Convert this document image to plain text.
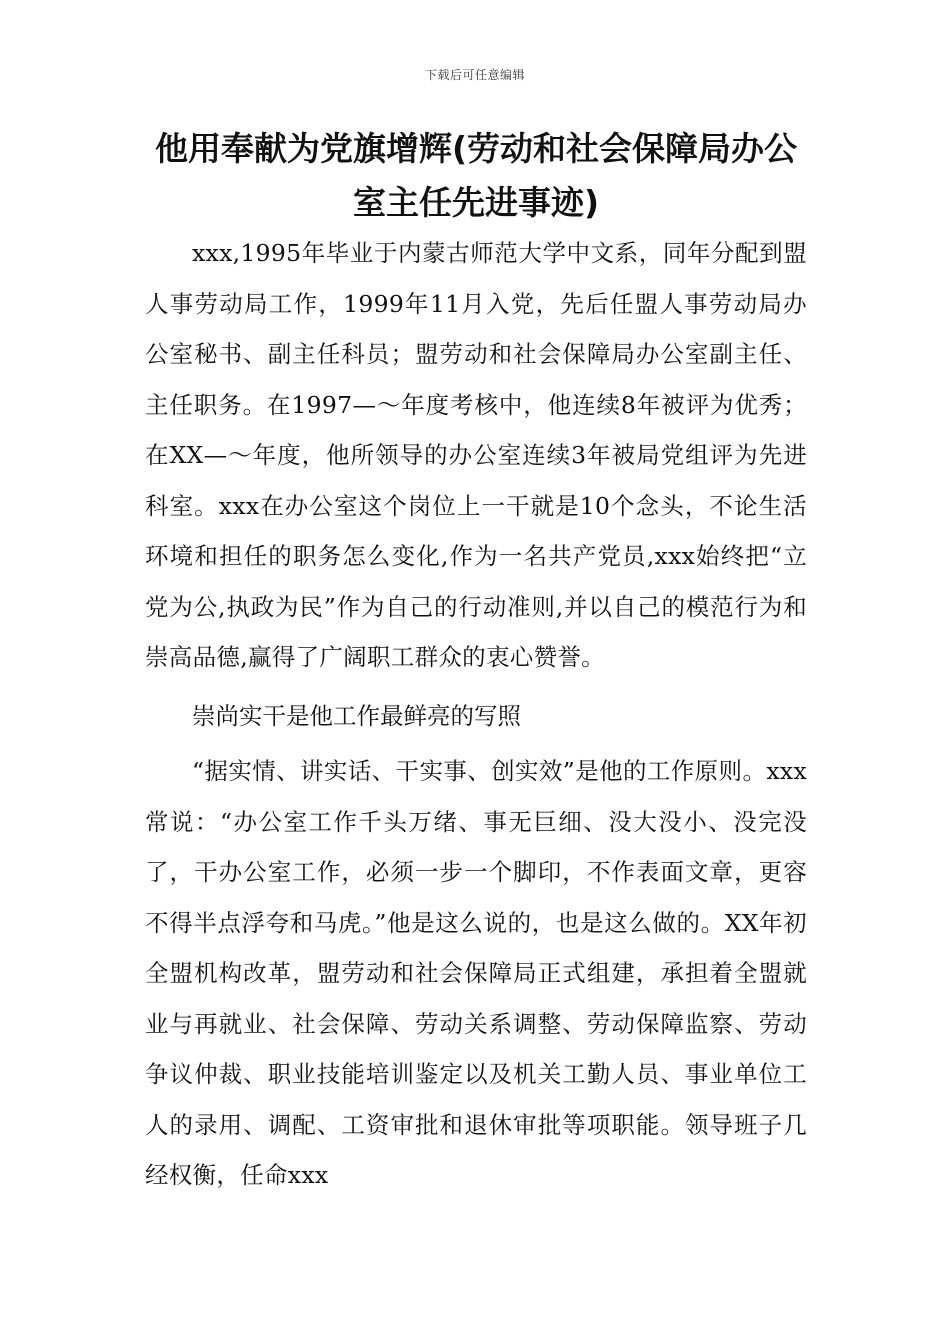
下载后可任意编辑
他用奉献为党旗增辉(劳动和社会保障局办公室主任先进事迹)

xxx,1995年毕业于内蒙古师范大学中文系，同年分配到盟人事劳动局工作，1999年11月入党，先后任盟人事劳动局办公室秘书、副主任科员；盟劳动和社会保障局办公室副主任、主任职务。在1997—～年度考核中，他连续8年被评为优秀；在XX—～年度，他所领导的办公室连续3年被局党组评为先进科室。xxx在办公室这个岗位上一干就是10个念头，不论生活环境和担任的职务怎么变化,作为一名共产党员,xxx始终把“立党为公,执政为民”作为自己的行动准则,并以自己的模范行为和崇高品德,赢得了广阔职工群众的衷心赞誉。

崇尚实干是他工作最鲜亮的写照

“据实情、讲实话、干实事、创实效”是他的工作原则。xxx常说：“办公室工作千头万绪、事无巨细、没大没小、没完没了，干办公室工作，必须一步一个脚印，不作表面文章，更容不得半点浮夸和马虎。”他是这么说的，也是这么做的。XX年初全盟机构改革，盟劳动和社会保障局正式组建，承担着全盟就业与再就业、社会保障、劳动关系调整、劳动保障监察、劳动争议仲裁、职业技能培训鉴定以及机关工勤人员、事业单位工人的录用、调配、工资审批和退休审批等项职能。领导班子几经权衡，任命xxx
